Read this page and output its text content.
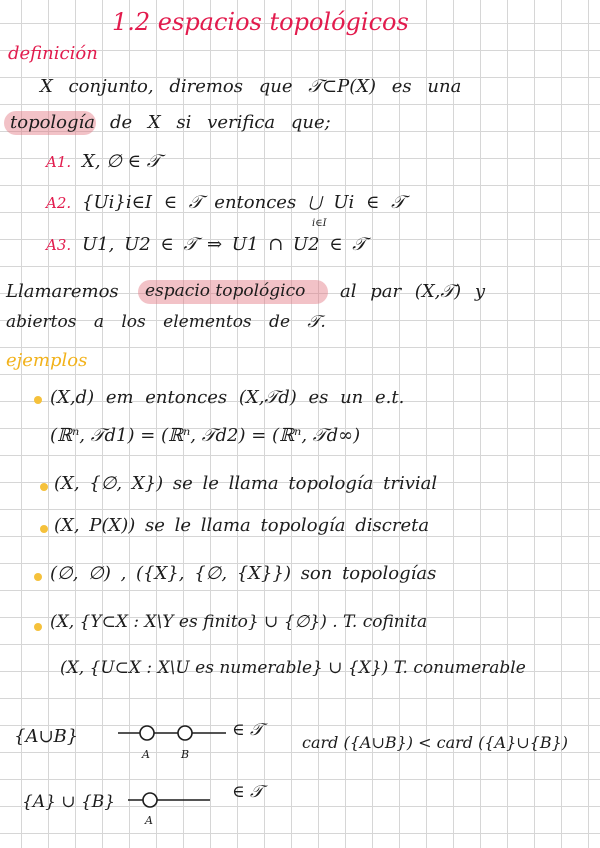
1.2 espacios topológicos
definición
X conjunto, diremos que 𝒯⊂P(X) es una
topología de X si verifica que;
A1. X, ∅ ∈ 𝒯
A2. {Ui}i∈I ∈ 𝒯 entonces ⋃ Ui ∈ 𝒯
i∈I
A3. U1, U2 ∈ 𝒯 ⇒ U1 ∩ U2 ∈ 𝒯
Llamaremos espacio topológico al par (X,𝒯) y
abiertos a los elementos de 𝒯.
ejemplos
(X,d) em entonces (X,𝒯d) es un e.t.
(ℝⁿ, 𝒯d1) = (ℝⁿ, 𝒯d2) = (ℝⁿ, 𝒯d∞)
(X, {∅, X}) se le llama topología trivial
(X, P(X)) se le llama topología discreta
(∅, ∅) , ({X}, {∅, {X}}) son topologías
(X, {Y⊂X : X\Y es finito} ∪ {∅}) . T. cofinita
(X, {U⊂X : X\U es numerable} ∪ {X}) T. conumerable
{A∪B}	∈ 𝒯
A	B
card ({A∪B}) < card ({A}∪{B})
{A} ∪ {B}	∈ 𝒯
A
